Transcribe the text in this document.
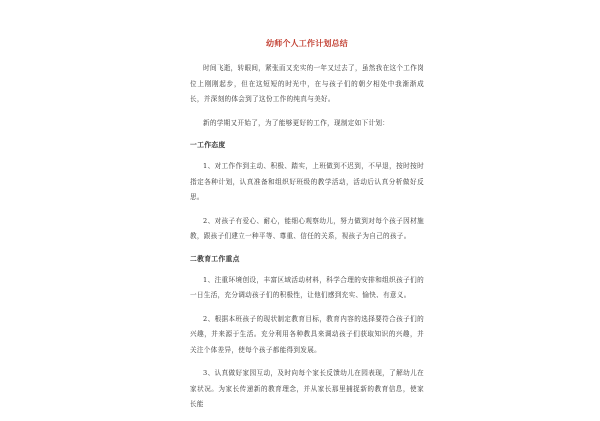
幼师个人工作计划总结

时间飞逝，转眼间，紧张而又充实的一年又过去了，虽然我在这个工作岗位上刚刚起步，但在这短短的时光中，在与孩子们的朝夕相处中我渐渐成长，并深刻的体会到了这份工作的纯真与美好。

新的学期又开始了，为了能够更好的工作，现制定如下计划：

一工作态度

1、对工作作到主动、积极、踏实，上班做到不迟到，不早退，按时按时指定各种计划，认真准备和组织好班级的教学活动，活动后认真分析做好反思。

2、对孩子有爱心、耐心，能细心观察幼儿，努力做到对每个孩子因材施教，跟孩子们建立一种平等、尊重、信任的关系，视孩子为自己的孩子。

二教育工作重点

1、注重环境创设，丰富区域活动材料，科学合理的安排和组织孩子们的一日生活，充分调动孩子们的积极性，让他们感到充实、愉快、有意义。

2、根据本班孩子的现状制定教育目标，教育内容的选择要符合孩子们的兴趣，并来源于生活。充分利用各种教具来调动孩子们获取知识的兴趣，并关注个体差异，使每个孩子都能得到发展。

3、认真做好家园互动，及时向每个家长反馈幼儿在园表现，了解幼儿在家状况。为家长传递新的教育理念，并从家长那里捕捉新的教育信息，使家长能
